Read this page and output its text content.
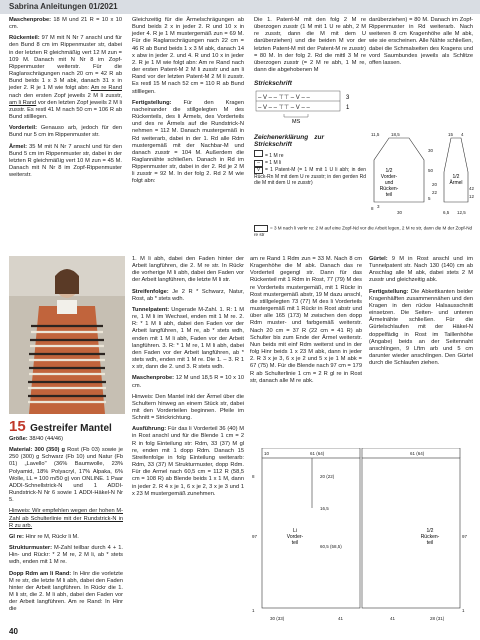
Sabrina Anleitungen 01/2021

Maschenprobe: 18 M und 21 R = 10 x 10 cm.

Rückenteil: 97 M mit N Nr 7 anschl und für den Bund 8 cm im Rippenmuster str, dabei in der letzten R gleichmäßig vert 12 M zun = 109 M. Danach mit N Nr 8 im Zopf-Rippenmuster weiterstr. Für die Raglanschrägungen nach 20 cm = 42 R ab Bund beids 1 x 3 M abk, danach 31 x in jeder 2. R je 1 M wie folgt abn: Am re Rand nach den ersten Zopf jeweils 2 M li zusstr, am li Rand vor den letzten Zopf jeweils 2 M li zusstr. Es restl 41 M nach 50 cm = 106 R ab Bund stilllegen.

Vorderteil: Genauso arb, jedoch für den Bund nur 5 cm im Rippenmuster str.

Ärmel: 35 M mit N Nr 7 anschl und für den Bund 5 cm im Rippenmuster str, dabei in der letzten R gleichmäßig vert 10 M zun = 45 M. Danach mit N Nr 8 im Zopf-Rippenmuster weiterstr.

Gleichzeitig für die Ärmelschrägungen ab Bund beids 2 x in jeder 2. R und 10 x in jeder 4. R je 1 M mustergemäß zun = 69 M. Für die Raglanschrägungen nach 22 cm = 46 R ab Bund beids 1 x 3 M abk, danach 14 x abw in jeder 2. und 4. R und 10 x in jeder 2. R je 1 M wie folgt abn: Am re Rand nach der ersten Patent-M 2 M li zusstr und am li Rand vor der letzten Patent-M 2 M li zusstr. Es restl 15 M nach 52 cm = 110 R ab Bund stilllegen.

Fertigstellung: Für den Kragen nacheinander die stillgelegten M des Rückenteils, des li Ärmels, des Vorderteils und des re Ärmels auf die Rundstrick-N nehmen = 112 M. Danach mustergemäß in Rd weiterarb, dabei in der 1. Rd alle Rdm mustergemäß mit der Nachbar-M und danach zusstr = 104 M. Außerdem die Raglannähte schließen. Danach in Rd im Rippenmuster str, dabei in der 2. Rd je 2 M li zusstr = 92 M. In der folg 2. Rd 2 M wie folgt abn:

Die 1. Patent-M mit den folg 2 M re überzogen zusstr (1 M mit 1 U re abh, 2 M re zusstr, dann die M mit dem U darüberziehen) und die beiden M vor der letzten Patent-M mit der Patent-M re zusstr) = 80 M. In der folg 2. Rd die mittl 3 M re überzogen zusstr (= 2 M re abh, 1 M re, dann die abgehobenen M

Strickschrift
– V – – ⊤⊤ – V – –
– V – – ⊤⊤ – V – –
3
1
MS
Zeichenerklärung zur Strickschrift
= 1 M re
– = 1 M li
V = 1 Patent-M (= 1 M mit 1 U li abh; in den Rück-Rn M mit dem U re zusstr; in den gerden Rd die M mit dem U re zusstr)

darüberziehen) = 80 M. Danach im Zopf-Rippenmuster in Rd weiterarb. Nach weiteren 8 cm Kragenhöhe alle M abk, wie sie erscheinen. Alle Nähte schließen, dabei die Schmalseiten des Kragens und vord Saumbundes jeweils als Schlitze offen lassen.

= 3 M nach li verkr re: 2 M auf eine Zopf-Nd vor die Arbeit legen, 2 M re str, dann die M der Zopf-Nd re str
1/2
Vorder-
und
Rücken-
teil
1/2
Ärmel
11,5	18,5	15 4
30
50
20
42
22
5	12
8 3
30	6,5 12,5
15 Gestreifer Mantel

Größe: 38/40 (44/46)

Material: 300 (350) g Rost (Fb 03) sowie je 250 (300) g Schwarz (Fb 10) und Natur (Fb 01) „Lavello" (36% Baumwolle, 23% Polyamid, 18% Polyacryl, 17% Alpaka, 6% Wolle, LL = 100 m/50 g) von ONLINE. 1 Paar ADDI-Schnellstrick-N und 1 ADDI-Rundstrick-N Nr 6 sowie 1 ADDI-Häkel-N Nr 5.

Hinweis: Wir empfehlen wegen der hohen M-Zahl ab Schulterlinie mit der Rundstrick-N in R zu arb.

Gl re: Hinr re M, Rückr li M.

Strukturmuster: M-Zahl teilbar durch 4 + 1. Hin- und Rückr: * 2 M re, 2 M li, ab * stets wdh, enden mit 1 M re.

Dopp Rdm am li Rand: In Hinr die vorletzte M re str, die letzte M li abh, dabei den Faden hinter der Arbeit langführen. In Rückr die 1. M li str, die 2. M li abh, dabei den Faden vor der Arbeit langführen. Am re Rand: In Hinr die

1. M li abh, dabei den Faden hinter der Arbeit langführen, die 2. M re str. In Rückr die vorherige M li abh, dabei den Faden vor der Arbeit langführen, die letzte M li str.

Streifenfolge: Je 2 R * Schwarz, Natur, Rost, ab * stets wdh.

Tunnelpatent: Ungerade M-Zahl. 1. R: 1 M re, 1 M li im Wechsel, enden mit 1 M re. 2. R: * 1 M li abh, dabei den Faden vor der Arbeit langführen, 1 M re, ab * stets wdh, enden mit 1 M li abh, Faden vor der Arbeit langführen. 3. R: * 1 M re, 1 M li abh, dabei den Faden vor der Arbeit langführen, ab * stets wdh, enden mit 1 M re. Die 1. – 3. R 1 x str, dann die 2. und 3. R stets wdh.

Maschenprobe: 12 M und 18,5 R = 10 x 10 cm.

Hinweis: Den Mantel inkl der Ärmel über die Schultern hinweg an einem Stück str, dabei mit den Vorderteilen beginnen. Pfeile im Schnitt = Strickrichtung.

Ausführung: Für das li Vorderteil 36 (40) M in Rost anschl und für die Blende 1 cm = 2 R in folg Einteilung str: Rdm, 33 (37) M gl re, enden mit 1 dopp Rdm. Danach 15 Streifenfolge in folg Einteilung weiterarb: Rdm, 33 (37) M Strukturmuster, dopp Rdm. Für die Armel nach 60,5 cm = 112 R (58,5 cm = 108 R) ab Blende beids 1 x 1 M, dann in jeder 2. R 4 x je 1, 6 x je 2, 3 x je 3 und 1 x 23 M mustergemäß zunehmen.

am re Rand 1 Rdm zun = 33 M. Nach 8 cm Kragenhöhe die M abk. Danach das re Vorderteil gegengl str. Dann für das Rückenteil mit 1 Rdm in Rost, 77 (79) M des re Vorderteils mustergemäß, mit 1 Rückr in Rost mustergemäß abstr, 19 M dazu anschl, die stillgelegten 73 (77) M des li Vorderteils mustergemäß mit 1 Rückr in Rost abstr und über alle 165 (173) M zwischen den dopp Rdm muster- und farbgemäß weiterstr. Nach 20 cm = 37 R (22 cm = 41 R) ab Schulter bis zum Ende der Ärmel weiterstr. Nun beids mit einf Rdm weiterst und in der folg Hinr beids 1 x 23 M abk, dann in jeder 2. R 3 x je 3, 6 x je 2 und 5 x je 1 M abk = 67 (75) M. Für die Blende nach 97 cm = 179 R ab Schulterlinie 1 cm = 2 R gl re in Rost str, danach alle M re abk.

Gürtel: 9 M in Rost anschl und im Tunnelpatent str. Nach 130 (140) cm ab Anschlag alle M abk, dabei stets 2 M zusstr und gleichzeitig abk.

Fertigstellung: Die Abkettkanten beider Kragenhälften zusammennähen und den Kragen in den rückw Halsausschnitt einsetzen. Die Seiten- und unteren Ärmelnähte schließen. Für die Gürtelschlaufen mit der Häkel-N doppelfädig in Rost im Taillenhöhe (Angabe) beids an der Seitennaht anschlingen, 9 Lftm arb und 5 cm darunter wieder anschlingen. Den Gürtel durch die Schlaufen ziehen.

Li
Vorder-
teil
1/2
Rücken-
teil
10	61 (64)	61 (64)
8	20 (22)
16,5
97
60,5 (58,5)
97
1
30 (33)	41	41	28 (31)
1
40
